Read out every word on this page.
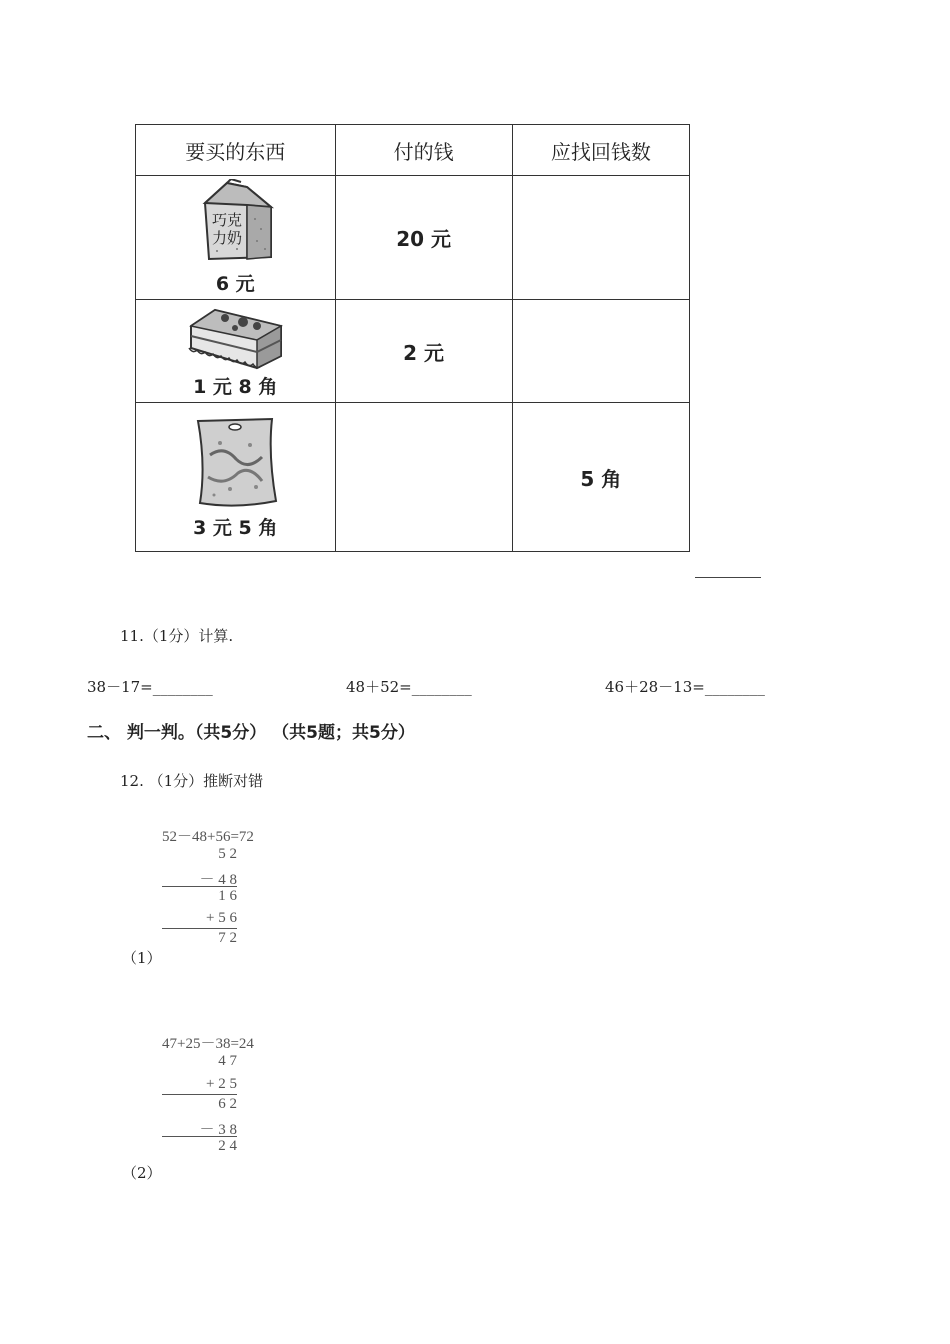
要买的东西	付的钱	应找回钱数

巧克
力奶
6 元	20 元	

1 元 8 角	2 元	

3 元 5 角		5 角
11.（1分）计算.
38－17=________	48＋52=________	46＋28－13=________
二、 判一判。（共5分） （共5题；共5分）
12. （1分）推断对错
52－48+56=72
5 2
－ 4 8
1 6
+ 5 6
7 2
（1）
47+25－38=24
4 7
+ 2 5
6 2
－ 3 8
2 4
（2）
